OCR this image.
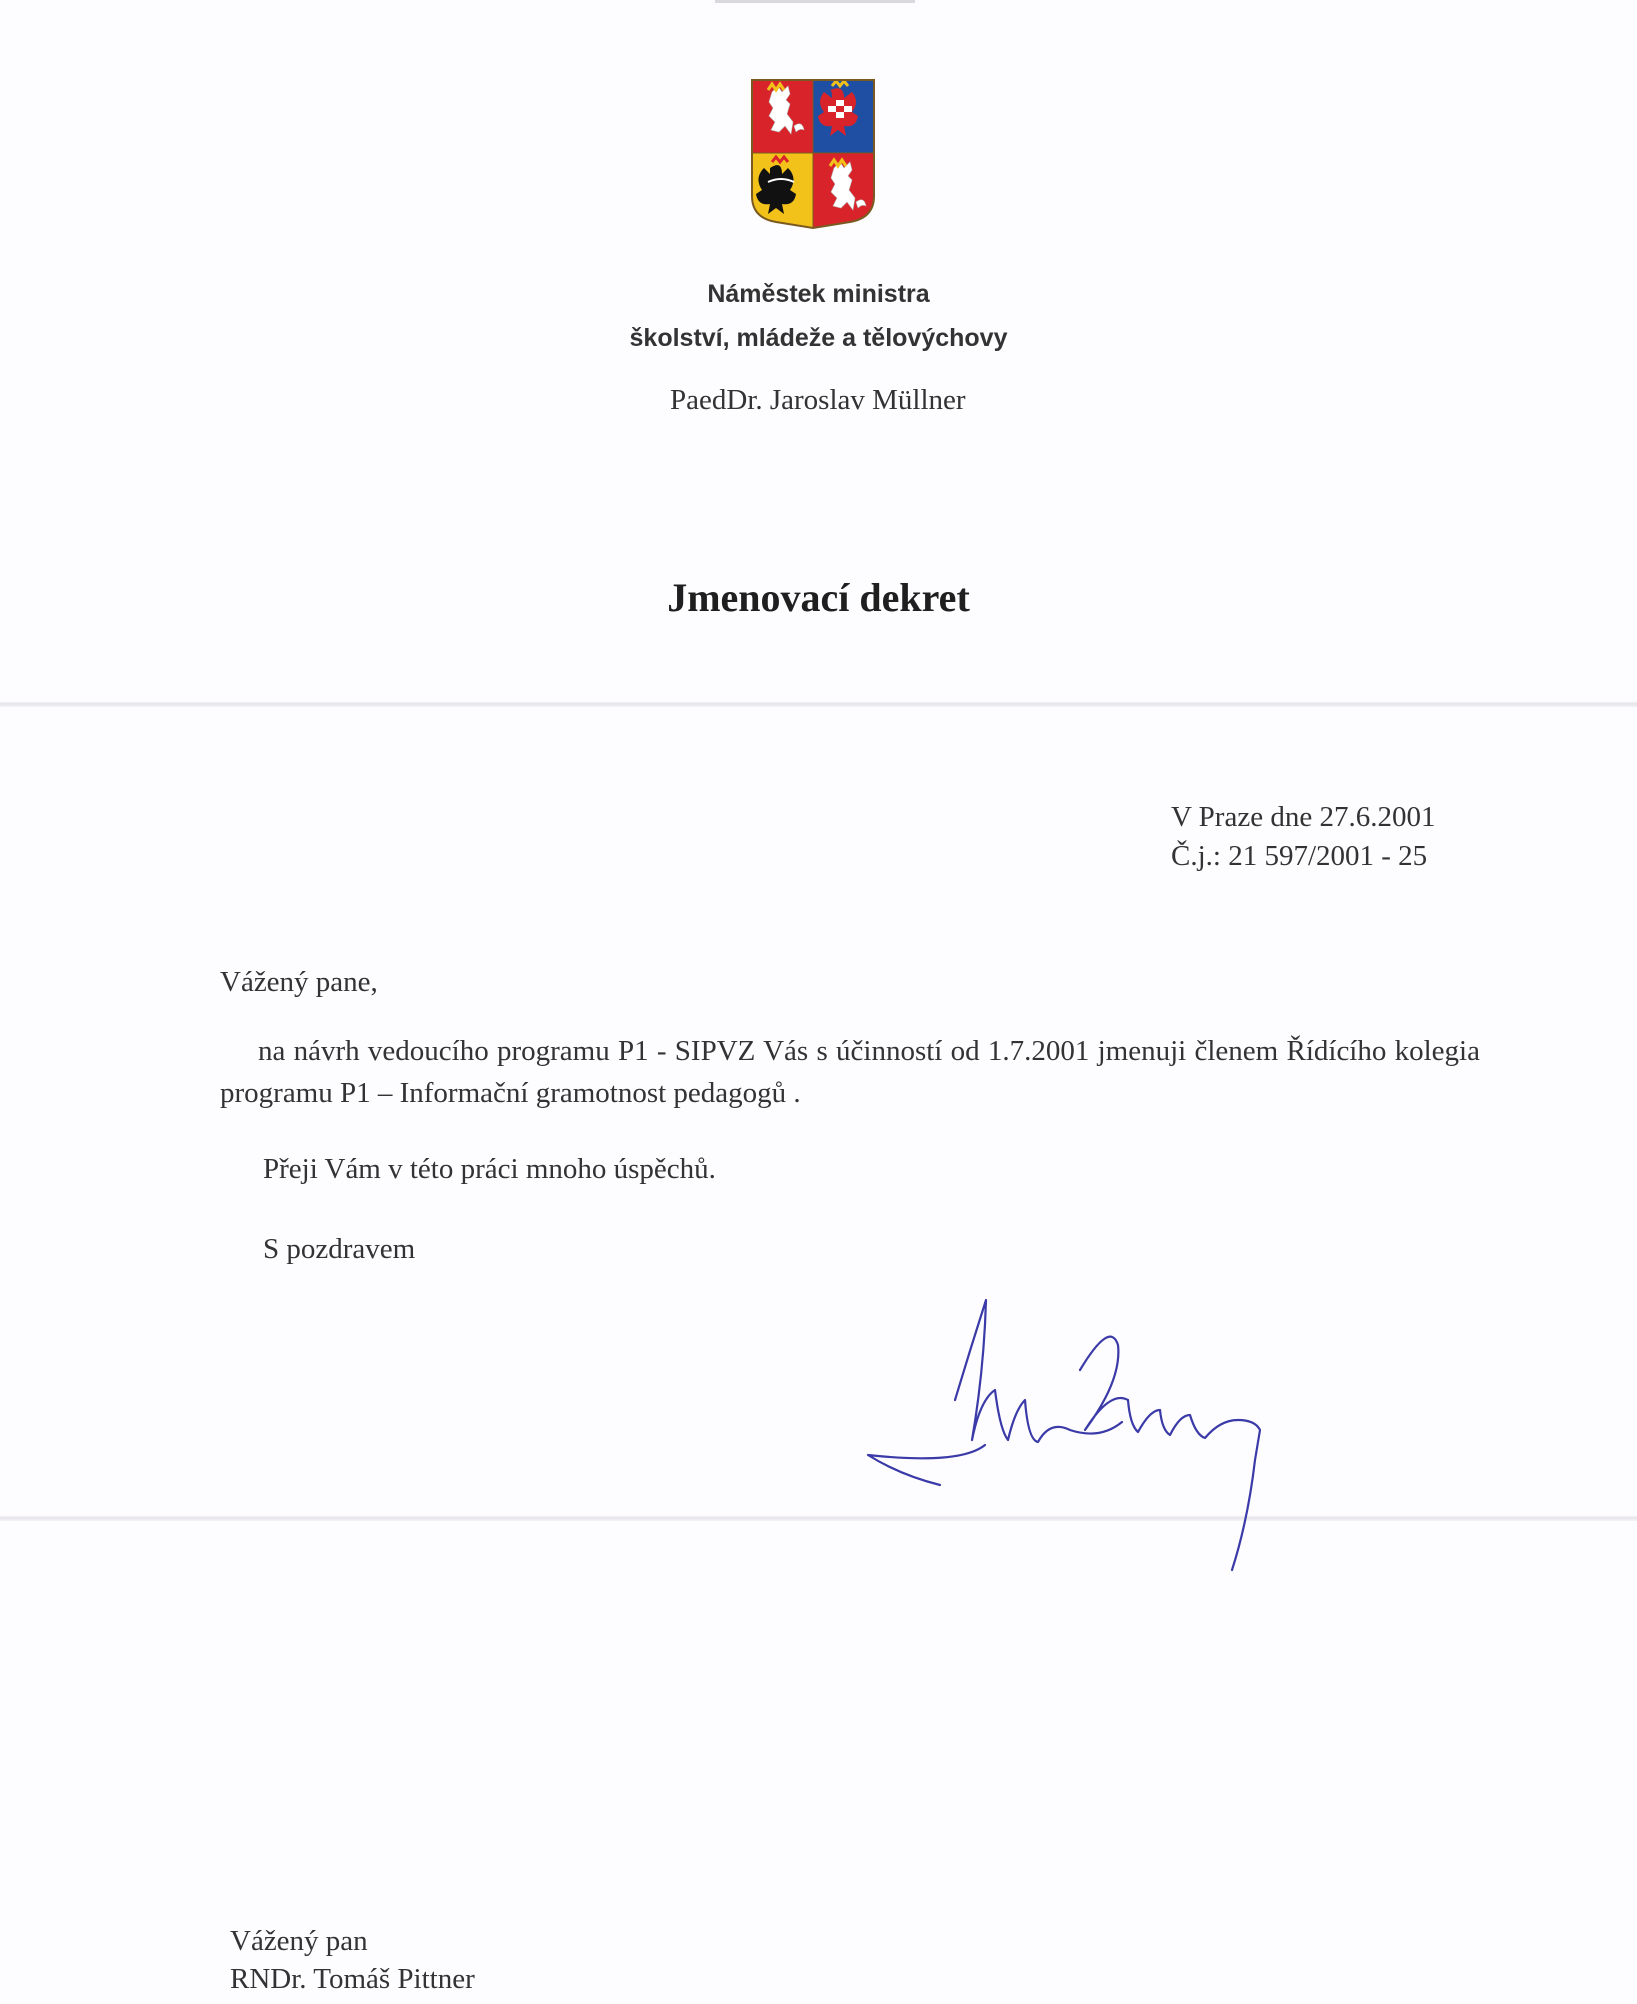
Náměstek ministra
školství, mládeže a tělovýchovy
PaedDr. Jaroslav Müllner
Jmenovací dekret
V Praze dne 27.6.2001
Č.j.: 21 597/2001 - 25
Vážený pane,
na návrh vedoucího programu P1 - SIPVZ Vás s účinností od 1.7.2001 jmenuji členem Řídícího kolegia programu P1 – Informační gramotnost pedagogů .
Přeji Vám v této práci mnoho úspěchů.
S pozdravem
Vážený pan
RNDr. Tomáš Pittner
